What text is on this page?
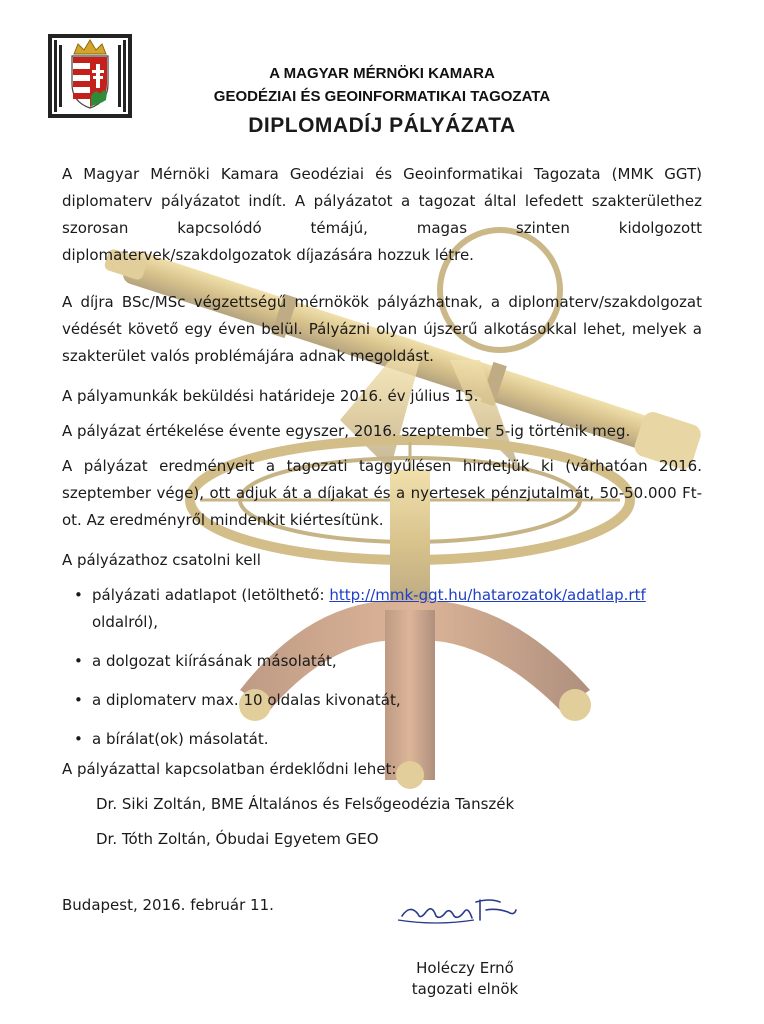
A MAGYAR MÉRNÖKI KAMARA
GEODÉZIAI ÉS GEOINFORMATIKAI TAGOZATA
DIPLOMADÍJ PÁLYÁZATA
A Magyar Mérnöki Kamara Geodéziai és Geoinformatikai Tagozata (MMK GGT) diplomaterv pályázatot indít. A pályázatot a tagozat által lefedett szakterülethez szorosan kapcsolódó témájú, magas szinten kidolgozott diplomatervek/szakdolgozatok díjazására hozzuk létre.
A díjra BSc/MSc végzettségű mérnökök pályázhatnak, a diplomaterv/szakdolgozat védését követő egy éven belül. Pályázni olyan újszerű alkotásokkal lehet, melyek a szakterület valós problémájára adnak megoldást.
A pályamunkák beküldési határideje 2016. év július 15.
A pályázat értékelése évente egyszer, 2016. szeptember 5-ig történik meg.
A pályázat eredményeit a tagozati taggyűlésen hirdetjük ki (várhatóan 2016. szeptember vége), ott adjuk át a díjakat és a nyertesek pénzjutalmát, 50-50.000 Ft-ot. Az eredményről mindenkit kiértesítünk.
A pályázathoz csatolni kell
• pályázati adatlapot (letölthető: http://mmk-ggt.hu/hatarozatok/adatlap.rtf
oldalról),
• a dolgozat kiírásának másolatát,
• a diplomaterv max. 10 oldalas kivonatát,
• a bírálat(ok) másolatát.
A pályázattal kapcsolatban érdeklődni lehet:
Dr. Siki Zoltán, BME Általános és Felsőgeodézia Tanszék
Dr. Tóth Zoltán, Óbudai Egyetem GEO
Budapest, 2016. február 11.
Holéczy Ernő
tagozati elnök
